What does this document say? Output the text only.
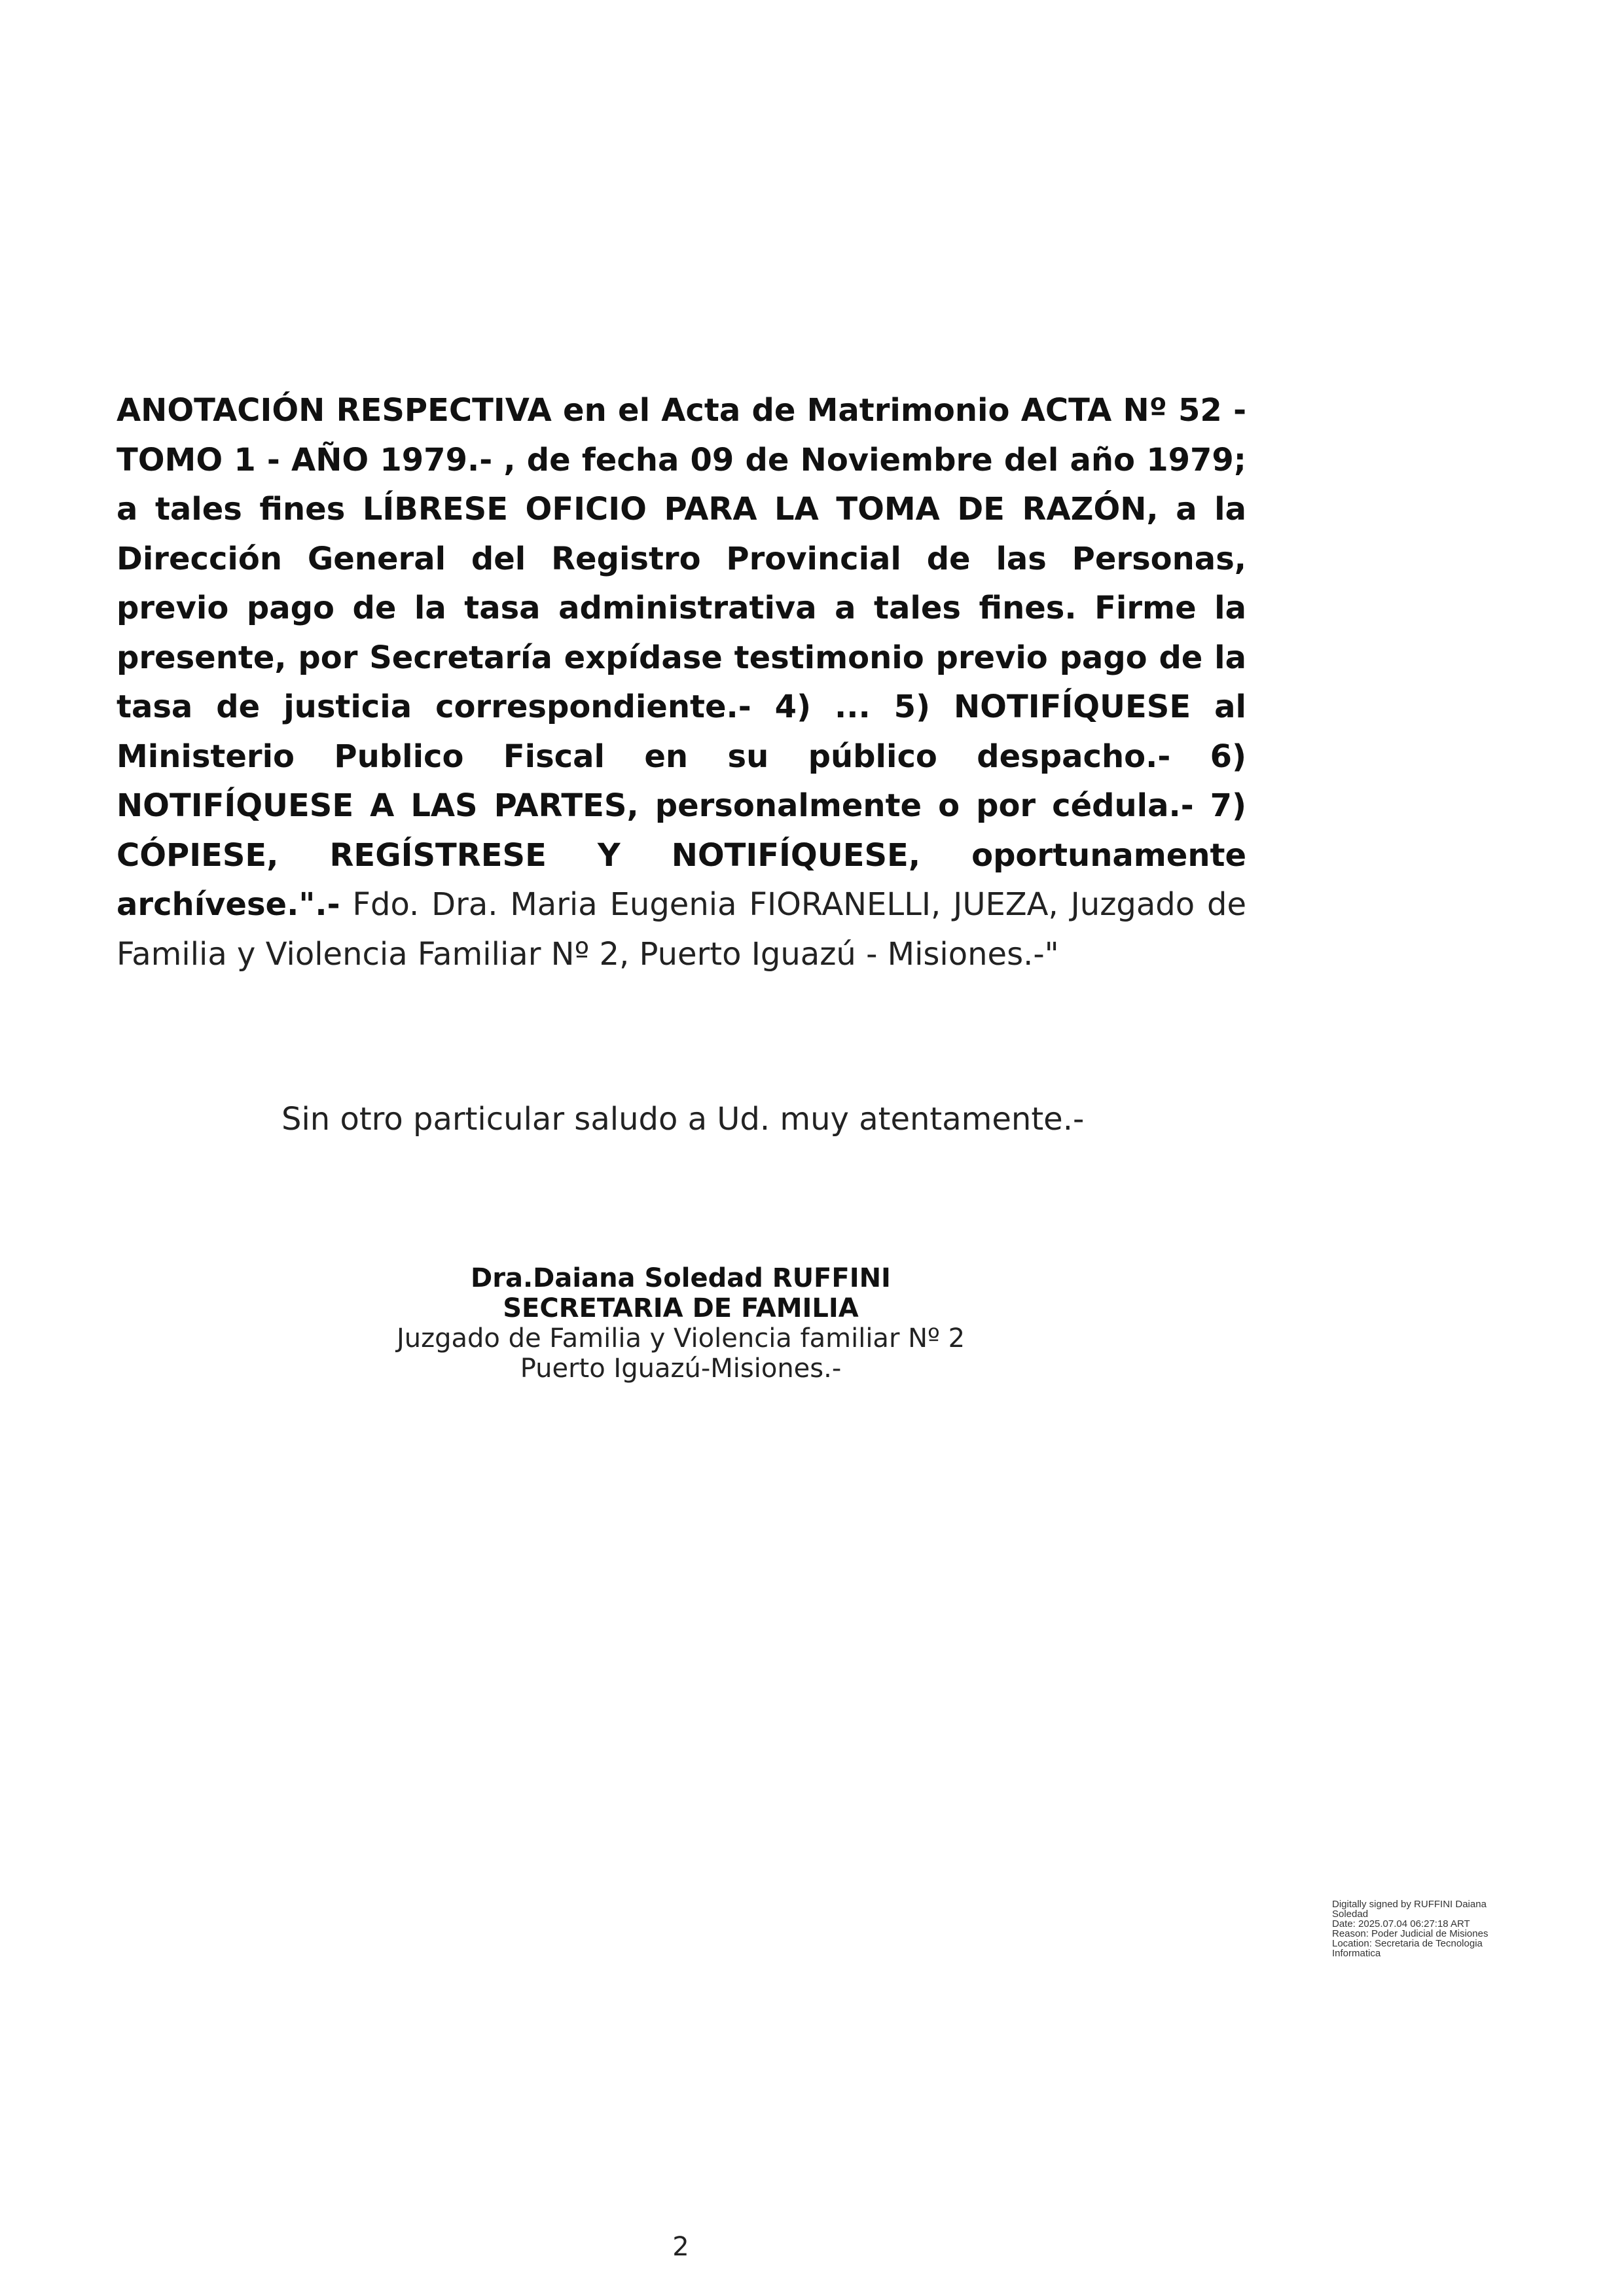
ANOTACIÓN RESPECTIVA en el Acta de Matrimonio ACTA Nº 52 - TOMO 1 - AÑO 1979.- , de fecha 09 de Noviembre del año 1979; a tales fines LÍBRESE OFICIO PARA LA TOMA DE RAZÓN, a la Dirección General del Registro Provincial de las Personas, previo pago de la tasa administrativa a tales fines. Firme la presente, por Secretaría expídase testimonio previo pago de la tasa de justicia correspondiente.- 4) ... 5) NOTIFÍQUESE al Ministerio Publico Fiscal en su público despacho.- 6) NOTIFÍQUESE A LAS PARTES, personalmente o por cédula.- 7) CÓPIESE, REGÍSTRESE Y NOTIFÍQUESE, oportunamente archívese.".- Fdo. Dra. Maria Eugenia FIORANELLI, JUEZA, Juzgado de Familia y Violencia Familiar Nº 2, Puerto Iguazú - Misiones.-"

Sin otro particular saludo a Ud. muy atentamente.-

Dra.Daiana Soledad RUFFINI
SECRETARIA DE FAMILIA
Juzgado de Familia y Violencia familiar Nº 2
Puerto Iguazú-Misiones.-
Digitally signed by RUFFINI Daiana
Soledad
Date: 2025.07.04 06:27:18 ART
Reason: Poder Judicial de Misiones
Location: Secretaria de Tecnologia
Informatica
2
